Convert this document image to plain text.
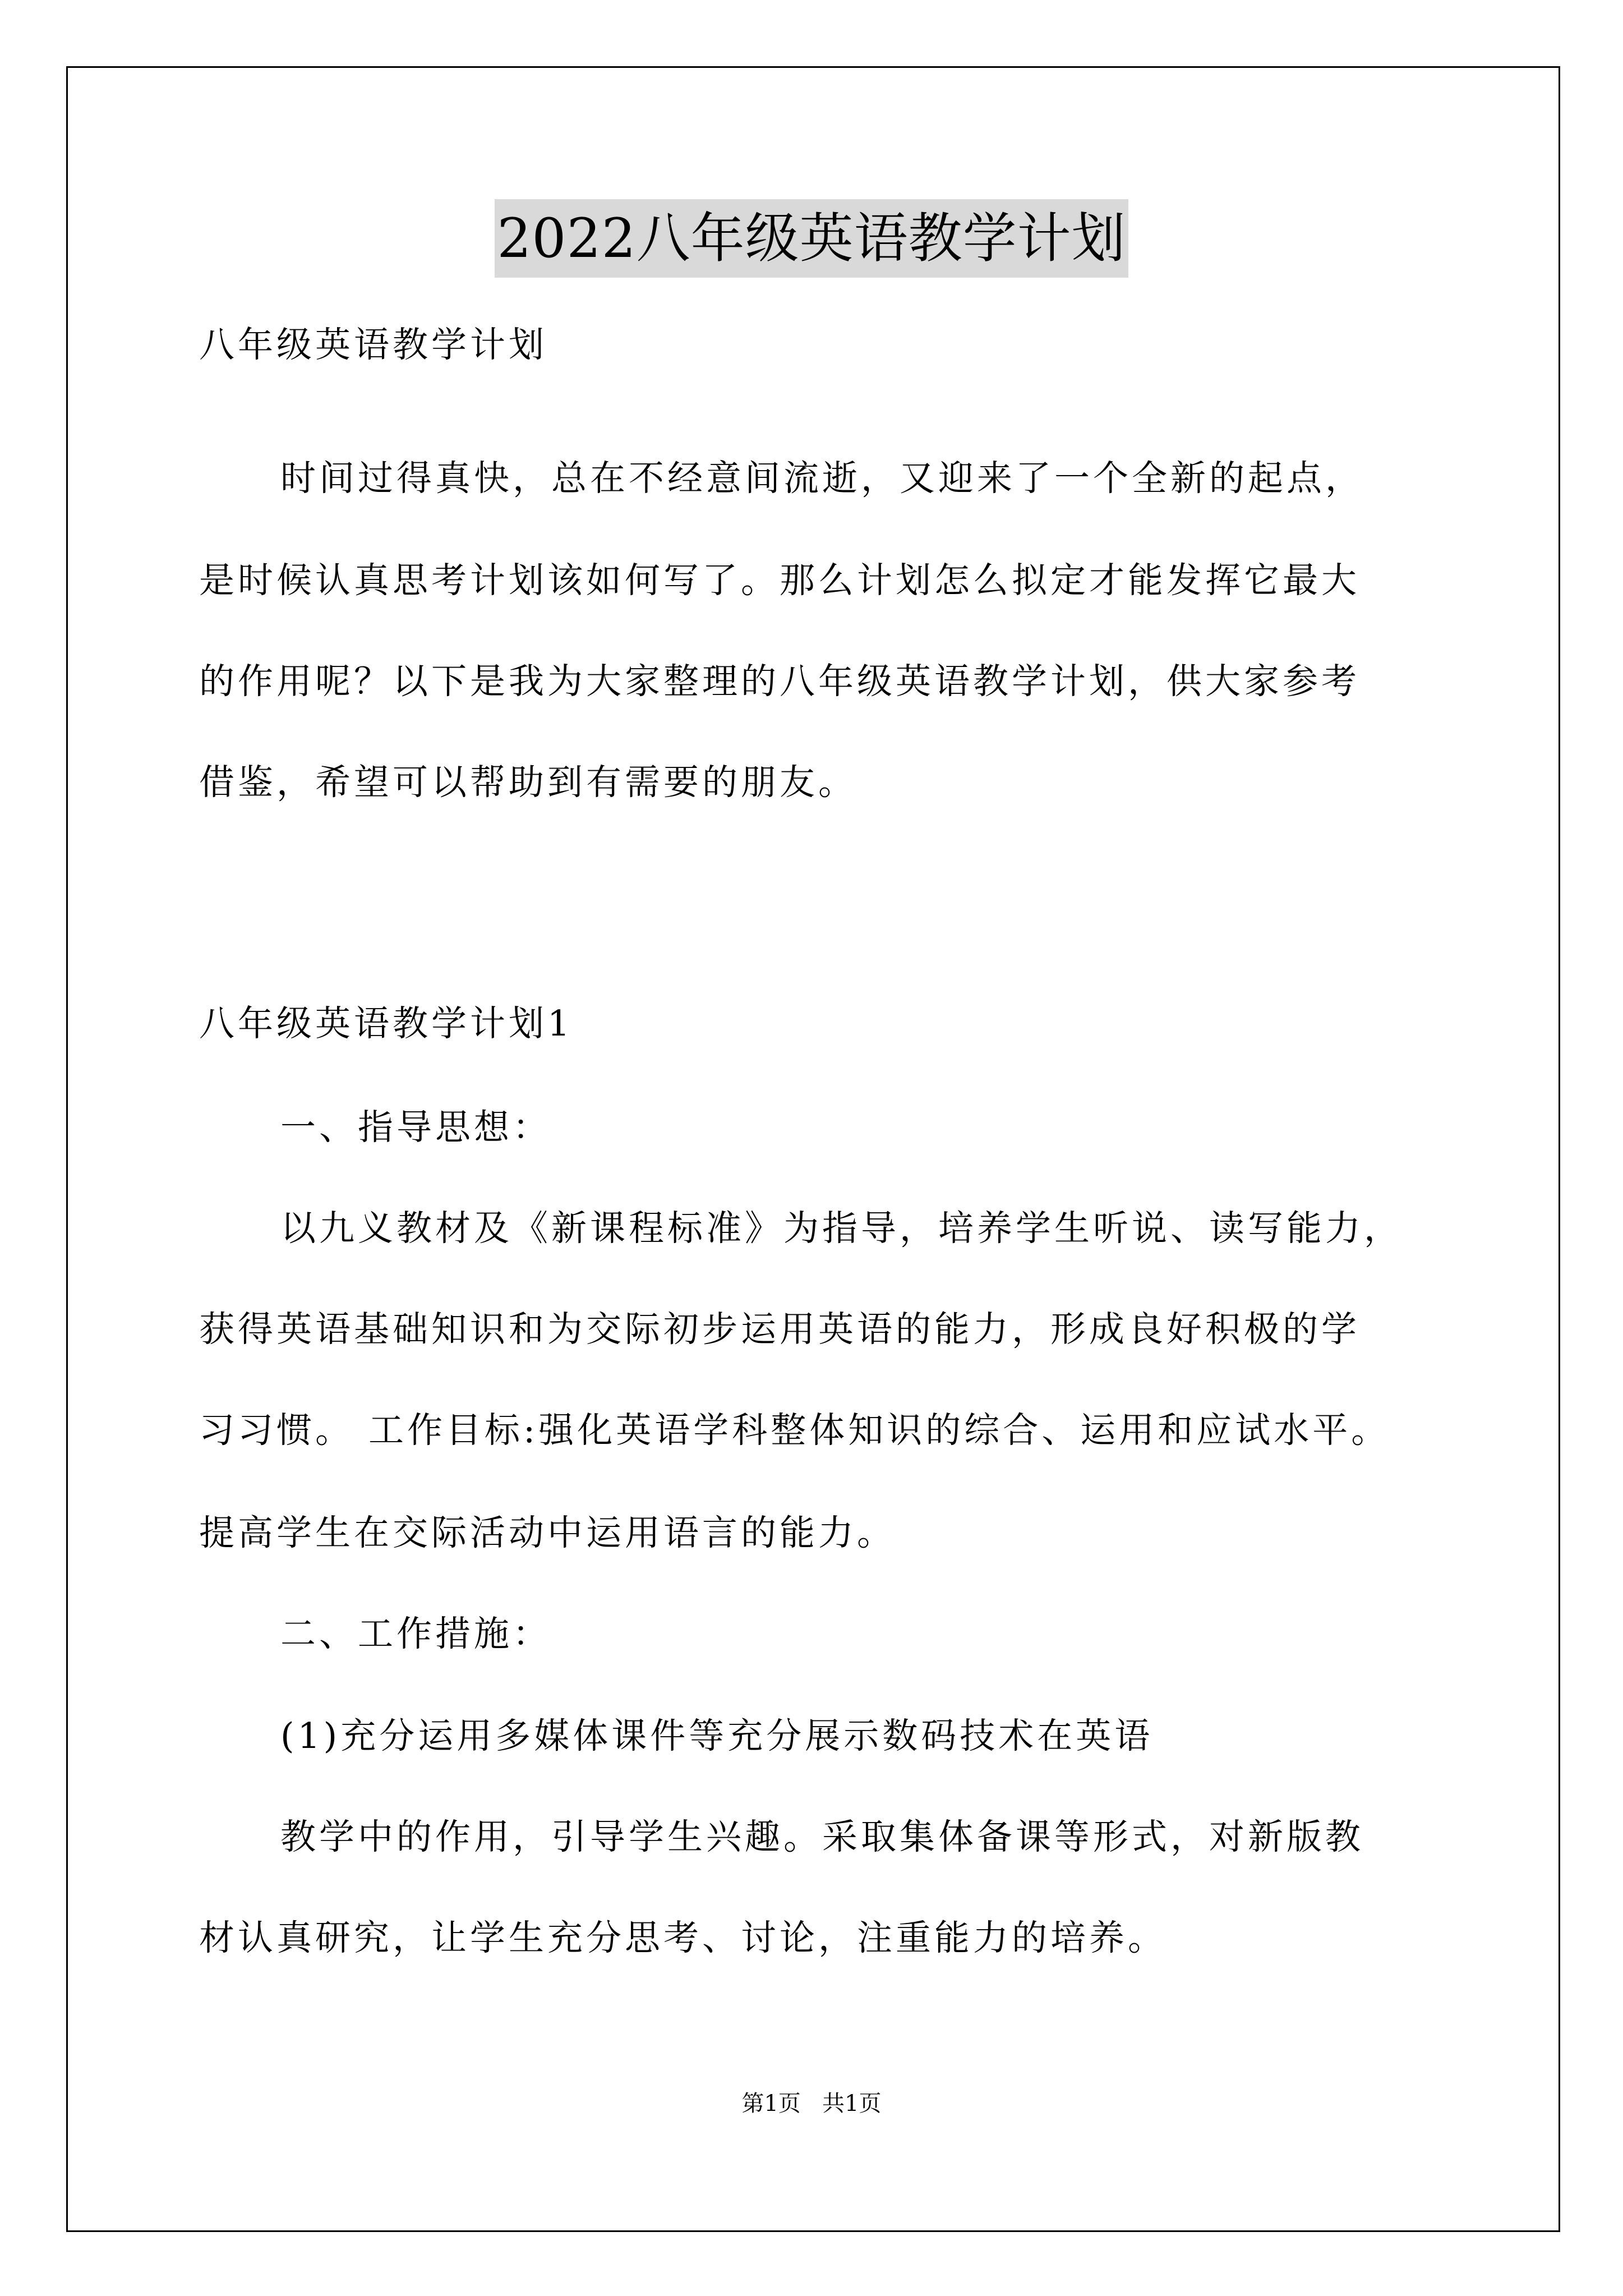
2022八年级英语教学计划
八年级英语教学计划
时间过得真快，总在不经意间流逝，又迎来了一个全新的起点，
是时候认真思考计划该如何写了。那么计划怎么拟定才能发挥它最大
的作用呢？以下是我为大家整理的八年级英语教学计划，供大家参考
借鉴，希望可以帮助到有需要的朋友。
八年级英语教学计划1
一、指导思想：
以九义教材及《新课程标准》为指导，培养学生听说、读写能力，
获得英语基础知识和为交际初步运用英语的能力，形成良好积极的学
习习惯。 工作目标:强化英语学科整体知识的综合、运用和应试水平。
提高学生在交际活动中运用语言的能力。
二、工作措施：
(1)充分运用多媒体课件等充分展示数码技术在英语
教学中的作用，引导学生兴趣。采取集体备课等形式，对新版教
材认真研究，让学生充分思考、讨论，注重能力的培养。
第1页   共1页
